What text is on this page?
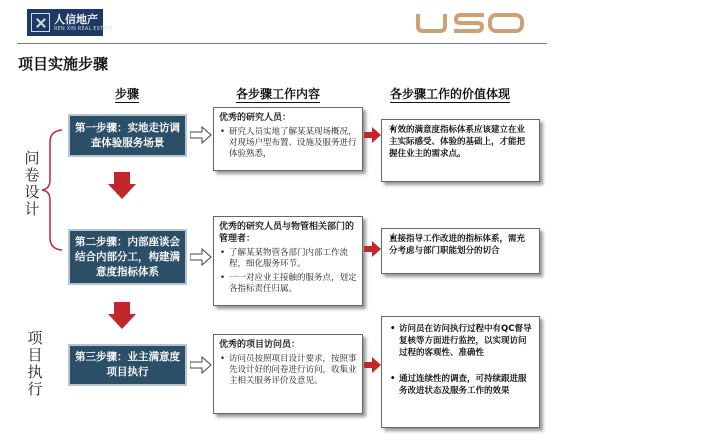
人信地产
REN XIN REAL ESTATE
项目实施步骤
步骤	各步骤工作内容	各步骤工作的价值体现
问卷设计
项目执行
第一步骤：实地走访调查体验服务场景
优秀的研究人员：
• 研究人员实地了解某某现场概况，对现场户型布置、设施及服务进行体验熟悉，
• 有效的满意度指标体系应该建立在业主实际感受、体验的基础上，才能把握住业主的需求点。
第二步骤：内部座谈会结合内部分工，构建满意度指标体系
优秀的研究人员与物管相关部门的管理者：
• 了解某某物管各部门内部工作流程，细化服务环节。
• 一一对应业主接触的服务点，划定各指标责任归属。
• 直接指导工作改进的指标体系，需充分考虑与部门职能划分的切合
第三步骤：业主满意度项目执行
优秀的项目访问员：
• 访问员按照项目设计要求，按照事先设计好的问卷进行访问，收集业主相关服务评价及意见。
• 访问员在访问执行过程中有QC督导复核等方面进行监控，以实现访问过程的客观性、准确性
• 通过连续性的调查，可持续跟进服务改进状态及服务工作的效果
